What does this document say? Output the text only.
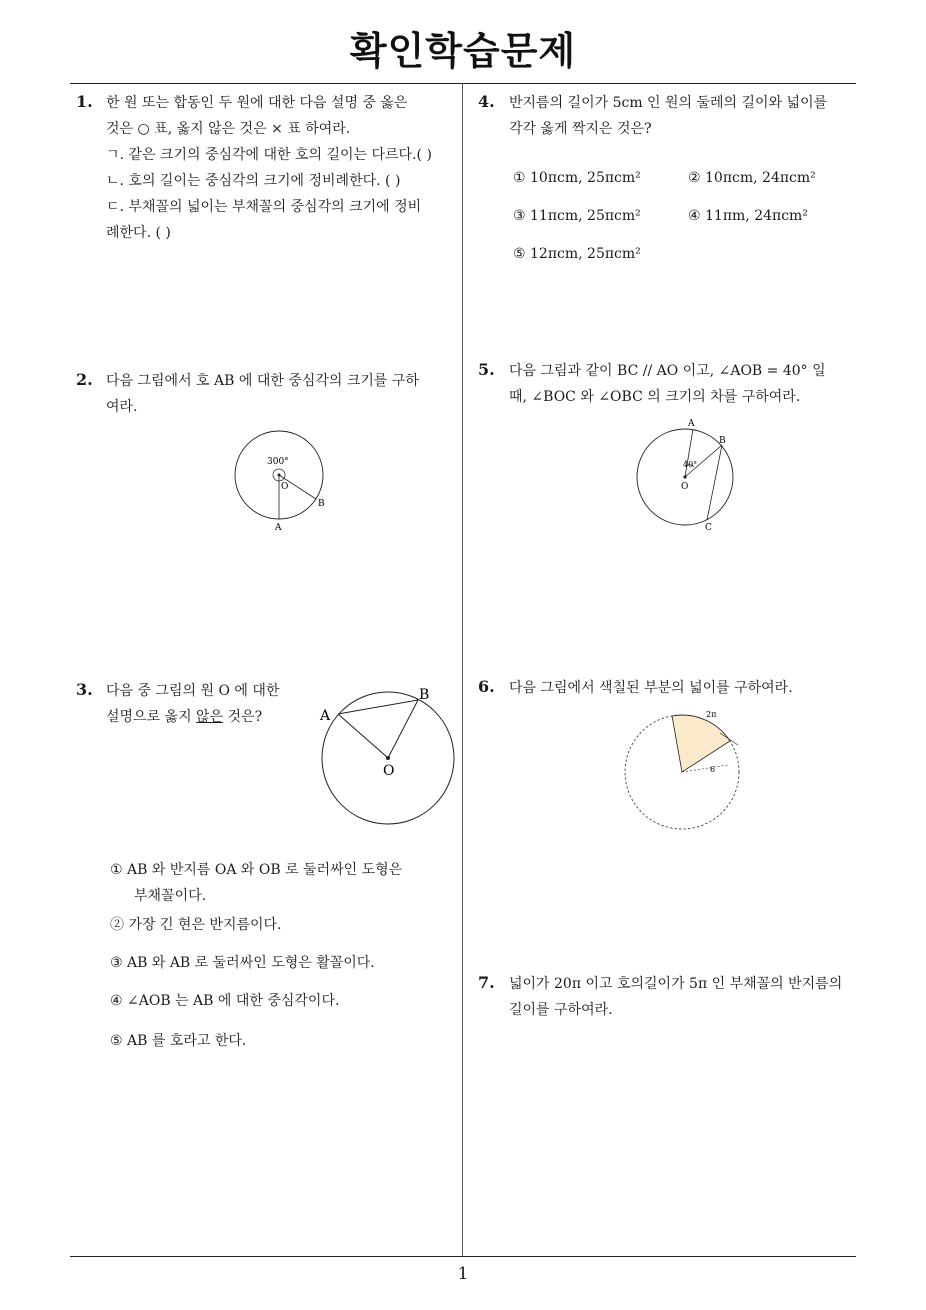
확인학습문제
1. 한 원 또는 합동인 두 원에 대한 다음 설명 중 옳은
것은 ○ 표, 옳지 않은 것은 × 표 하여라.
ㄱ. 같은 크기의 중심각에 대한 호의 길이는 다르다.( )
ㄴ. 호의 길이는 중심각의 크기에 정비례한다. ( )
ㄷ. 부채꼴의 넓이는 부채꼴의 중심각의 크기에 정비
례한다. ( )
2. 다음 그림에서 호 AB 에 대한 중심각의 크기를 구하
여라.
300°
O
A
B
3. 다음 중 그림의 원 O 에 대한
설명으로 옳지 않은 것은?	A
B
O
① AB 와 반지름 OA 와 OB 로 둘러싸인 도형은
부채꼴이다.
② 가장 긴 현은 반지름이다.
③ AB 와 AB 로 둘러싸인 도형은 활꼴이다.
④ ∠AOB 는 AB 에 대한 중심각이다.
⑤ AB 를 호라고 한다.
4. 반지름의 길이가 5cm 인 원의 둘레의 길이와 넓이를
각각 옳게 짝지은 것은?
① 10πcm, 25πcm²	② 10πcm, 24πcm²
③ 11πcm, 25πcm²	④ 11πm, 24πcm²
⑤ 12πcm, 25πcm²
5. 다음 그림과 같이 BC // AO 이고, ∠AOB = 40° 일
때, ∠BOC 와 ∠OBC 의 크기의 차를 구하여라.
A
B
C
O
40°
6. 다음 그림에서 색칠된 부분의 넓이를 구하여라.
2π
6
7. 넓이가 20π 이고 호의길이가 5π 인 부채꼴의 반지름의
길이를 구하여라.
1
